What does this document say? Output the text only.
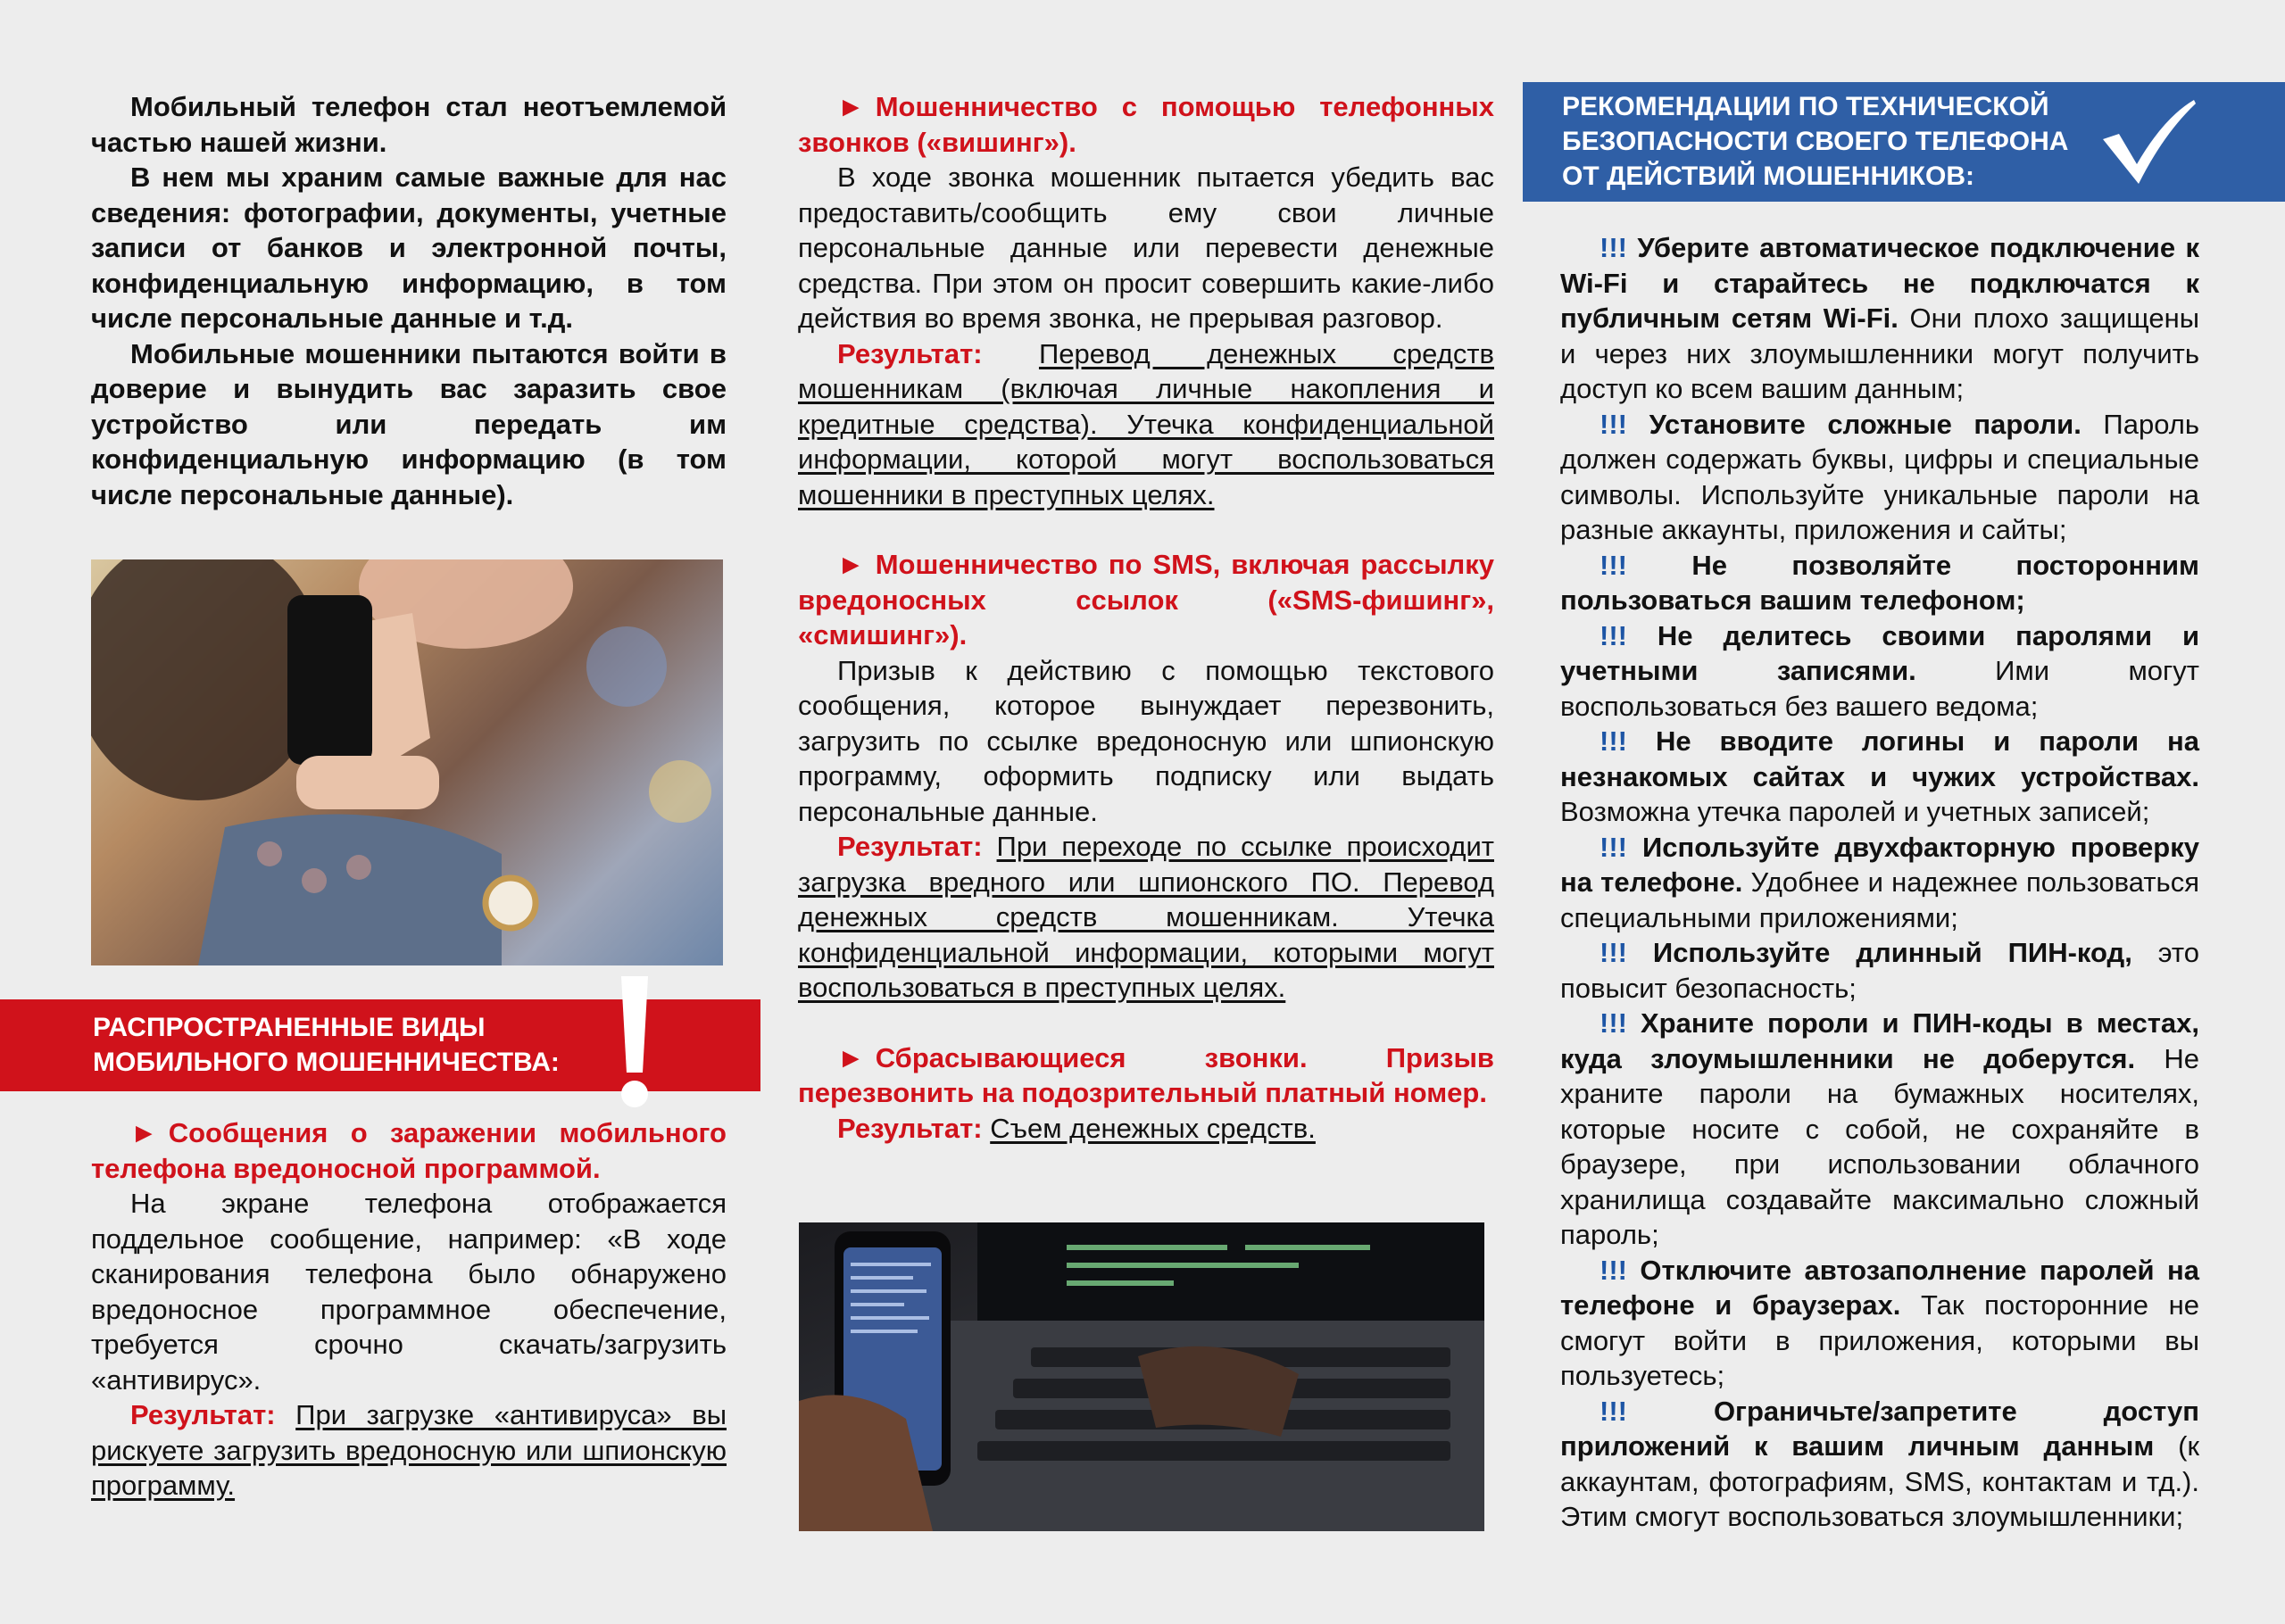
Мобильный телефон стал неотъемлемой частью нашей жизни.

В нем мы храним самые важные для нас сведения: фотографии, документы, учетные записи от банков и электронной почты, конфиденциальную информацию, в том числе персональные данные и т.д.

Мобильные мошенники пытаются войти в доверие и вынудить вас заразить свое устройство или передать им конфиденциальную информацию (в том числе персональные данные).

РАСПРОСТРАНЕННЫЕ ВИДЫ
МОБИЛЬНОГО МОШЕННИЧЕСТВА:

► Сообщения о заражении мобильного телефона вредоносной программой.

На экране телефона отображается поддельное сообщение, например: «В ходе сканирования телефона было обнаружено вредоносное программное обеспечение, требуется срочно скачать/загрузить «антивирус».

Результат: При загрузке «антивируса» вы рискуете загрузить вредоносную или шпионскую программу.

► Мошенничество с помощью телефонных звонков («вишинг»).

В ходе звонка мошенник пытается убедить вас предоставить/сообщить ему свои личные персональные данные или перевести денежные средства. При этом он просит совершить какие-либо действия во время звонка, не прерывая разговор.

Результат: Перевод денежных средств мошенникам (включая личные накопления и кредитные средства). Утечка конфиденциальной информации, которой могут воспользоваться мошенники в преступных целях.

► Мошенничество по SMS, включая рассылку вредоносных ссылок («SMS-фишинг», «смишинг»).

Призыв к действию с помощью текстового сообщения, которое вынуждает перезвонить, загрузить по ссылке вредоносную или шпионскую программу, оформить подписку или выдать персональные данные.

Результат: При переходе по ссылке происходит загрузка вредного или шпионского ПО. Перевод денежных средств мошенникам. Утечка конфиденциальной информации, которыми могут воспользоваться в преступных целях.

► Сбрасывающиеся звонки. Призыв перезвонить на подозрительный платный номер.

Результат: Съем денежных средств.

РЕКОМЕНДАЦИИ ПО ТЕХНИЧЕСКОЙ
БЕЗОПАСНОСТИ СВОЕГО ТЕЛЕФОНА
ОТ ДЕЙСТВИЙ МОШЕННИКОВ:

!!! Уберите автоматическое подключение к Wi-Fi и старайтесь не подключатся к публичным сетям Wi-Fi. Они плохо защищены и через них злоумышленники могут получить доступ ко всем вашим данным;

!!! Установите сложные пароли. Пароль должен содержать буквы, цифры и специальные символы. Используйте уникальные пароли на разные аккаунты, приложения и сайты;

!!! Не позволяйте посторонним пользоваться вашим телефоном;

!!! Не делитесь своими паролями и учетными записями. Ими могут воспользоваться без вашего ведома;

!!! Не вводите логины и пароли на незнакомых сайтах и чужих устройствах. Возможна утечка паролей и учетных записей;

!!! Используйте двухфакторную проверку на телефоне. Удобнее и надежнее пользоваться специальными приложениями;

!!! Используйте длинный ПИН-код, это повысит безопасность;

!!! Храните пороли и ПИН-коды в местах, куда злоумышленники не доберутся. Не храните пароли на бумажных носителях, которые носите с собой, не сохраняйте в браузере, при использовании облачного хранилища создавайте максимально сложный пароль;

!!! Отключите автозаполнение паролей на телефоне и браузерах. Так посторонние не смогут войти в приложения, которыми вы пользуетесь;

!!!	Ограничьте/запретите доступ приложений к вашим личным данным (к аккаунтам, фотографиям, SMS, контактам и тд.). Этим смогут воспользоваться злоумышленники;
